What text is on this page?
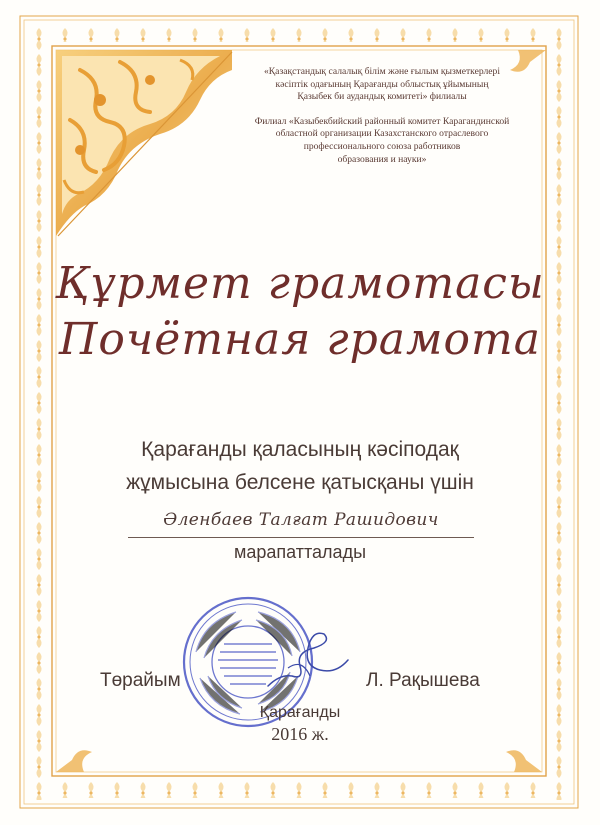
«Қазақстандық салалық білім және ғылым қызметкерлері

кәсіптік одағының Қарағанды облыстық ұйымының

Қазыбек би аудандық комитеті» филиалы

Филиал «Казыбекбийский районный комитет Карагандинской

областной организации Казахстанского отраслевого

профессионального союза работников

образования и науки»

Құрмет грамотасы
Почётная грамота
Қарағанды қаласының кәсіподақ
жұмысына белсене қатысқаны үшін
Әленбаев Талғат Рашидович
марапатталады
Төрайым	Л. Рақышева
Қарағанды
2016 ж.
